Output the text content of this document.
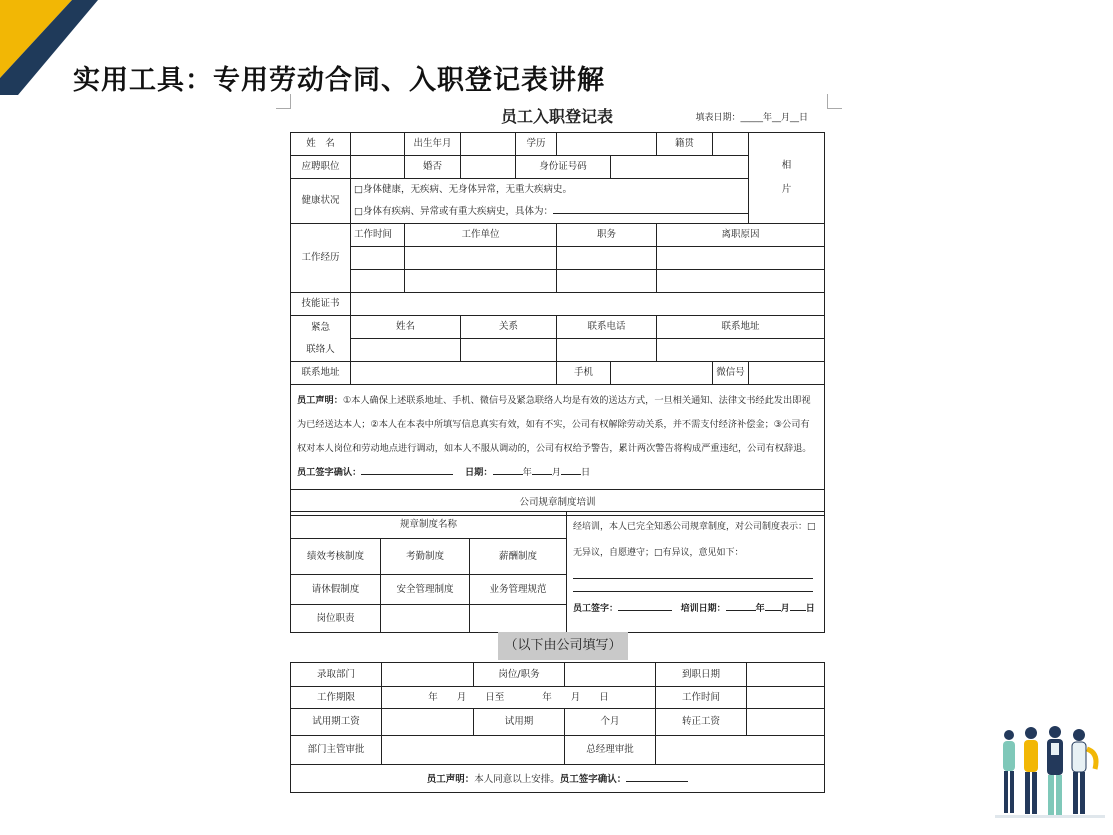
实用工具：专用劳动合同、入职登记表讲解
员工入职登记表	填表日期：_____年__月__日
姓　名		出生年月		学历			籍贯		相

片
应聘职位		婚否		身份证号码					
健康状况	□身体健康，无疾病、无身体异常，无重大疾病史。
□身体有疾病、异常或有重大疾病史，具体为：								

工作经历	工作时间	工作单位			职务		离职原因		

技能证书									
紧急
联络人	姓名		关系		联系电话		联系地址		

联系地址					手机			微信号	
员工声明：①本人确保上述联系地址、手机、微信号及紧急联络人均是有效的送达方式，一旦相关通知、法律文书经此发出即视为已经送达本人；②本人在本表中所填写信息真实有效，如有不实，公司有权解除劳动关系，并不需支付经济补偿金；③公司有权对本人岗位和劳动地点进行调动，如本人不服从调动的，公司有权给予警告，累计两次警告将构成严重违纪，公司有权辞退。 员工签字确认： 日期： 年 月 日									
公司规章制度培训									
规章制度名称			经培训，本人已完全知悉公司规章制度，对公司制度表示：□无异议，自愿遵守；□有异议，意见如下：
员工签字： 培训日期： 年 月 日

绩效考核制度	考勤制度	薪酬制度	
请休假制度	安全管理制度	业务管理规范	
岗位职责			
录取部门		岗位/职务		到职日期	
工作期限	年　　月　　日至　　　　年　　月　　日			工作时间	
试用期工资		试用期	个月	转正工资	
部门主管审批			总经理审批		
员工声明：本人同意以上安排。员工签字确认：					
（以下由公司填写）
